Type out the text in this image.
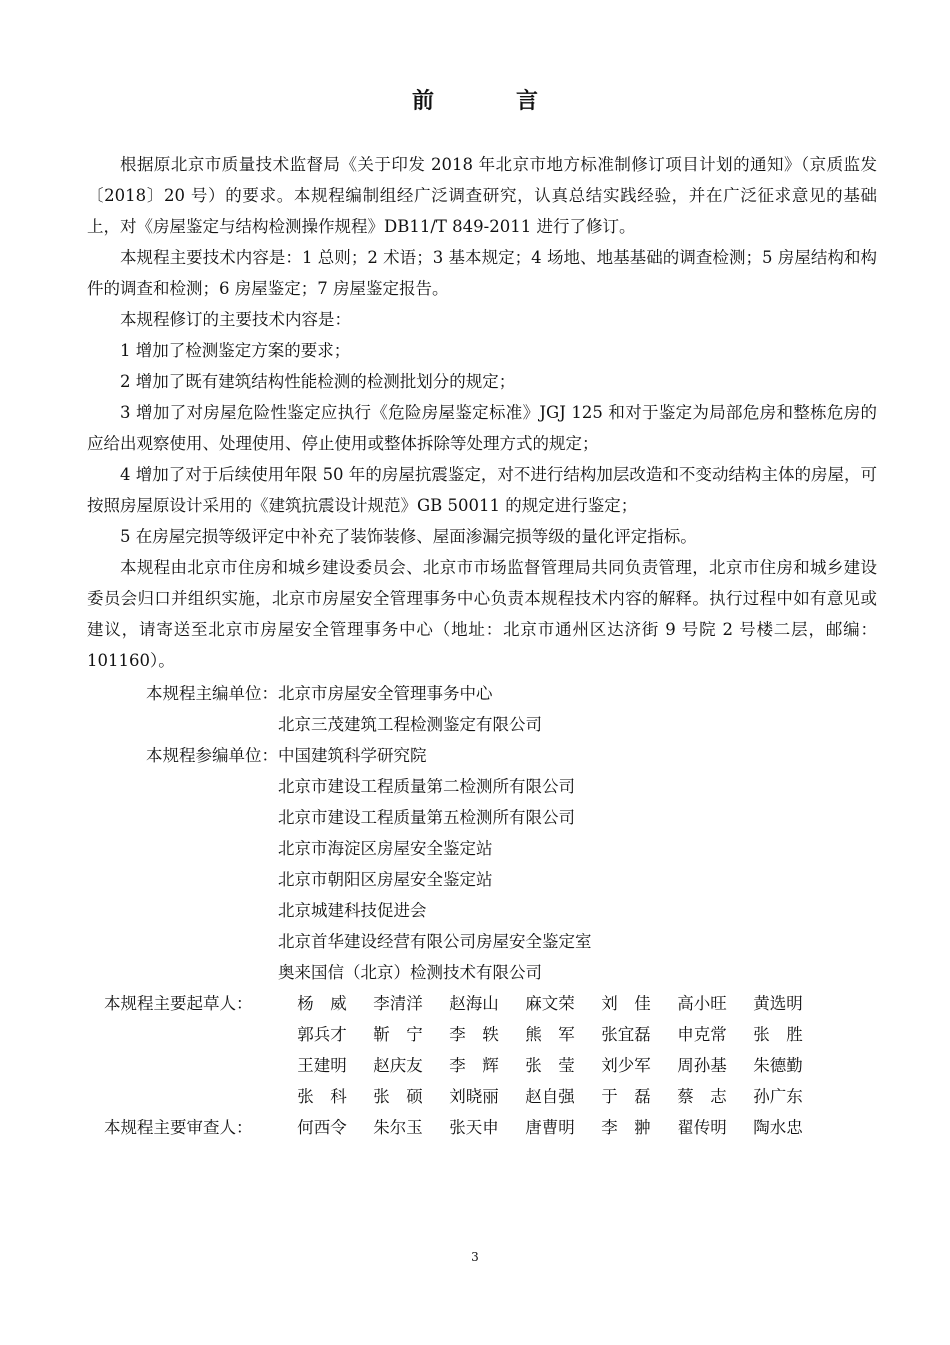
前　言

根据原北京市质量技术监督局《关于印发 2018 年北京市地方标准制修订项目计划的通知》（京质监发〔2018〕20 号）的要求。本规程编制组经广泛调查研究，认真总结实践经验，并在广泛征求意见的基础上，对《房屋鉴定与结构检测操作规程》DB11/T 849-2011 进行了修订。

本规程主要技术内容是：1 总则；2 术语；3 基本规定；4 场地、地基基础的调查检测；5 房屋结构和构件的调查和检测；6 房屋鉴定；7 房屋鉴定报告。

本规程修订的主要技术内容是：

1 增加了检测鉴定方案的要求；

2 增加了既有建筑结构性能检测的检测批划分的规定；

3 增加了对房屋危险性鉴定应执行《危险房屋鉴定标准》JGJ 125 和对于鉴定为局部危房和整栋危房的应给出观察使用、处理使用、停止使用或整体拆除等处理方式的规定；

4 增加了对于后续使用年限 50 年的房屋抗震鉴定，对不进行结构加层改造和不变动结构主体的房屋，可按照房屋原设计采用的《建筑抗震设计规范》GB 50011 的规定进行鉴定；

5 在房屋完损等级评定中补充了装饰装修、屋面渗漏完损等级的量化评定指标。

本规程由北京市住房和城乡建设委员会、北京市市场监督管理局共同负责管理，北京市住房和城乡建设委员会归口并组织实施，北京市房屋安全管理事务中心负责本规程技术内容的解释。执行过程中如有意见或建议，请寄送至北京市房屋安全管理事务中心（地址：北京市通州区达济街 9 号院 2 号楼二层，邮编：101160）。

本规程主编单位：北京市房屋安全管理事务中心
北京三茂建筑工程检测鉴定有限公司
本规程参编单位：中国建筑科学研究院
北京市建设工程质量第二检测所有限公司
北京市建设工程质量第五检测所有限公司
北京市海淀区房屋安全鉴定站
北京市朝阳区房屋安全鉴定站
北京城建科技促进会
北京首华建设经营有限公司房屋安全鉴定室
奥来国信（北京）检测技术有限公司
本规程主要起草人：	杨　威	李清洋	赵海山	麻文荣	刘　佳	高小旺	黄选明
郭兵才	靳　宁	李　轶	熊　军	张宜磊	申克常	张　胜
王建明	赵庆友	李　辉	张　莹	刘少军	周孙基	朱德勤
张　科	张　硕	刘晓丽	赵自强	于　磊	蔡　志	孙广东
本规程主要审查人：	何西令	朱尔玉	张天申	唐曹明	李　翀	翟传明	陶水忠
3
